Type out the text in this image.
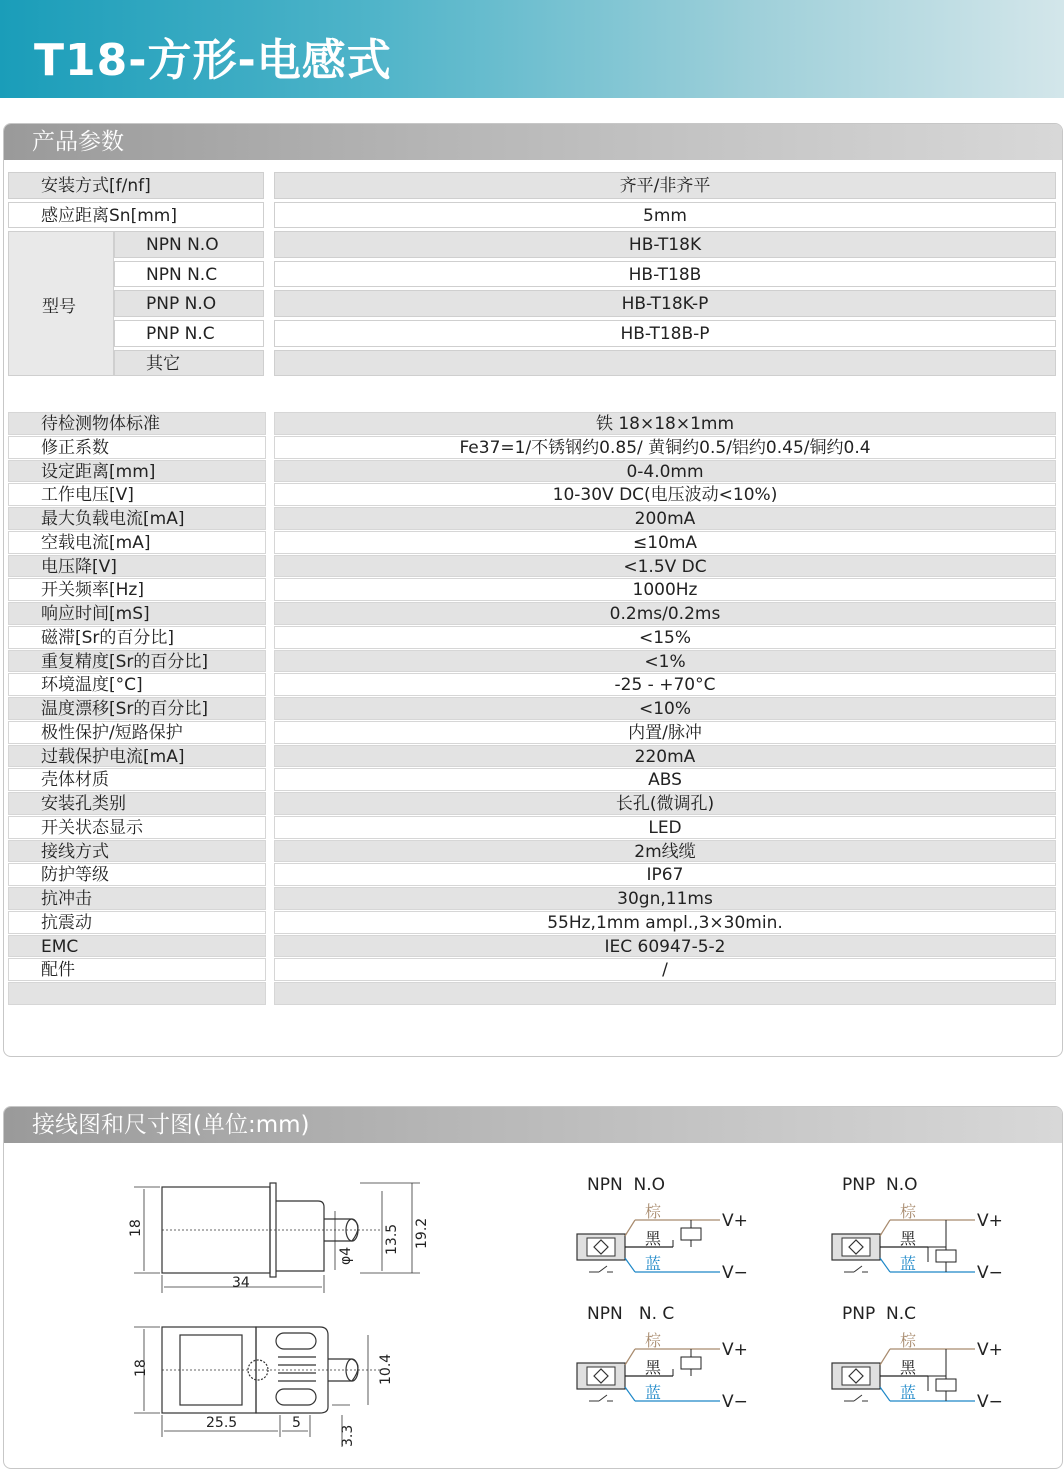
T18-方形-电感式
产品参数
安装方式[f/nf]	齐平/非齐平
感应距离Sn[mm]	5mm
型号
NPN N.O	HB-T18K
NPN N.C	HB-T18B
PNP N.O	HB-T18K-P
PNP N.C	HB-T18B-P
其它
待检测物体标准	铁 18×18×1mm
修正系数	Fe37=1/不锈钢约0.85/ 黄铜约0.5/铝约0.45/铜约0.4
设定距离[mm]	0-4.0mm
工作电压[V]	10-30V DC(电压波动<10%)
最大负载电流[mA]	200mA
空载电流[mA]	≤10mA
电压降[V]	<1.5V DC
开关频率[Hz]	1000Hz
响应时间[mS]	0.2ms/0.2ms
磁滞[Sr的百分比]	<15%
重复精度[Sr的百分比]	<1%
环境温度[°C]	-25 - +70°C
温度漂移[Sr的百分比]	<10%
极性保护/短路保护	内置/脉冲
过载保护电流[mA]	220mA
壳体材质	ABS
安装孔类别	长孔(微调孔)
开关状态显示	LED
接线方式	2m线缆
防护等级	IP67
抗冲击	30gn,11ms
抗震动	55Hz,1mm ampl.,3×30min.
EMC	IEC 60947-5-2
配件	/
接线图和尺寸图(单位:mm)
18
34
φ4
13.5 19.2
18
25.5	5
10.4
3.3
NPN  N.O
棕
黑
蓝
V+
V−
PNP  N.O
棕
黑
蓝
V+
V−
NPN   N. C
棕
黑
蓝
V+
V−
PNP  N.C
棕
黑
蓝
V+
V−
